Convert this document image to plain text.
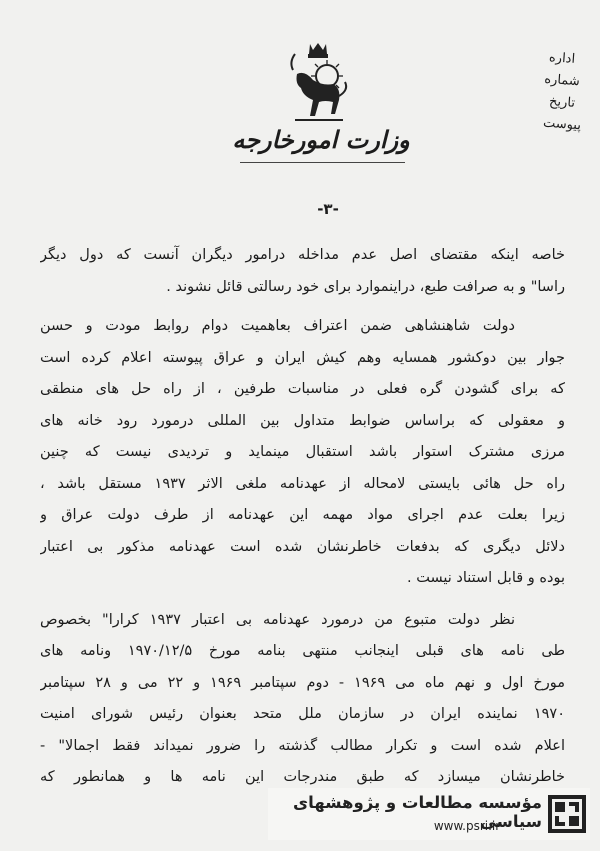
وزارت امورخارجه
اداره
شماره
تاریخ
پیوست
-۳-
خاصه اینکه مقتضای اصل عدم مداخله درامور دیگران آنست که دول دیگر
راسا" و به صرافت طبع، دراینموارد برای خود رسالتی قائل نشوند .
دولت شاهنشاهی ضمن اعتراف بعاهمیت دوام روابط مودت و حسن
جوار بین دوکشور همسایه وهم کیش ایران و عراق پیوسته اعلام کرده است
که برای گشودن گره فعلی در مناسبات طرفین ، از راه حل های منطقی
و معقولی که براساس ضوابط متداول بین المللی درمورد رود خانه های
مرزی مشترک استوار باشد استقبال مینماید و تردیدی نیست که چنین
راه حل هائی بایستی لامحاله از عهدنامه ملغی الاثر ۱۹۳۷ مستقل باشد ،
زیرا بعلت عدم اجرای مواد مهمه این عهدنامه از طرف دولت عراق و
دلائل دیگری که بدفعات خاطرنشان شده است عهدنامه مذکور بی اعتبار
بوده و قابل استناد نیست .
نظر دولت متبوع من درمورد عهدنامه بی اعتبار ۱۹۳۷ کرارا" بخصوص
طی نامه های قبلی اینجانب منتهی بنامه مورخ ۱۹۷۰/۱۲/۵ ونامه های
مورخ اول و نهم ماه می ۱۹۶۹ - دوم سپتامبر ۱۹۶۹ و ۲۲ می و ۲۸ سپتامبر
۱۹۷۰ نماینده ایران در سازمان ملل متحد بعنوان رئیس شورای امنیت
اعلام شده است و تکرار مطالب گذشته را ضرور نمیداند فقط اجمالا" -
خاطرنشان میسازد که طبق مندرجات این نامه ها و همانطور که
مؤسسه مطالعات و پژوهشهای سیاسی
www.psri.ir
